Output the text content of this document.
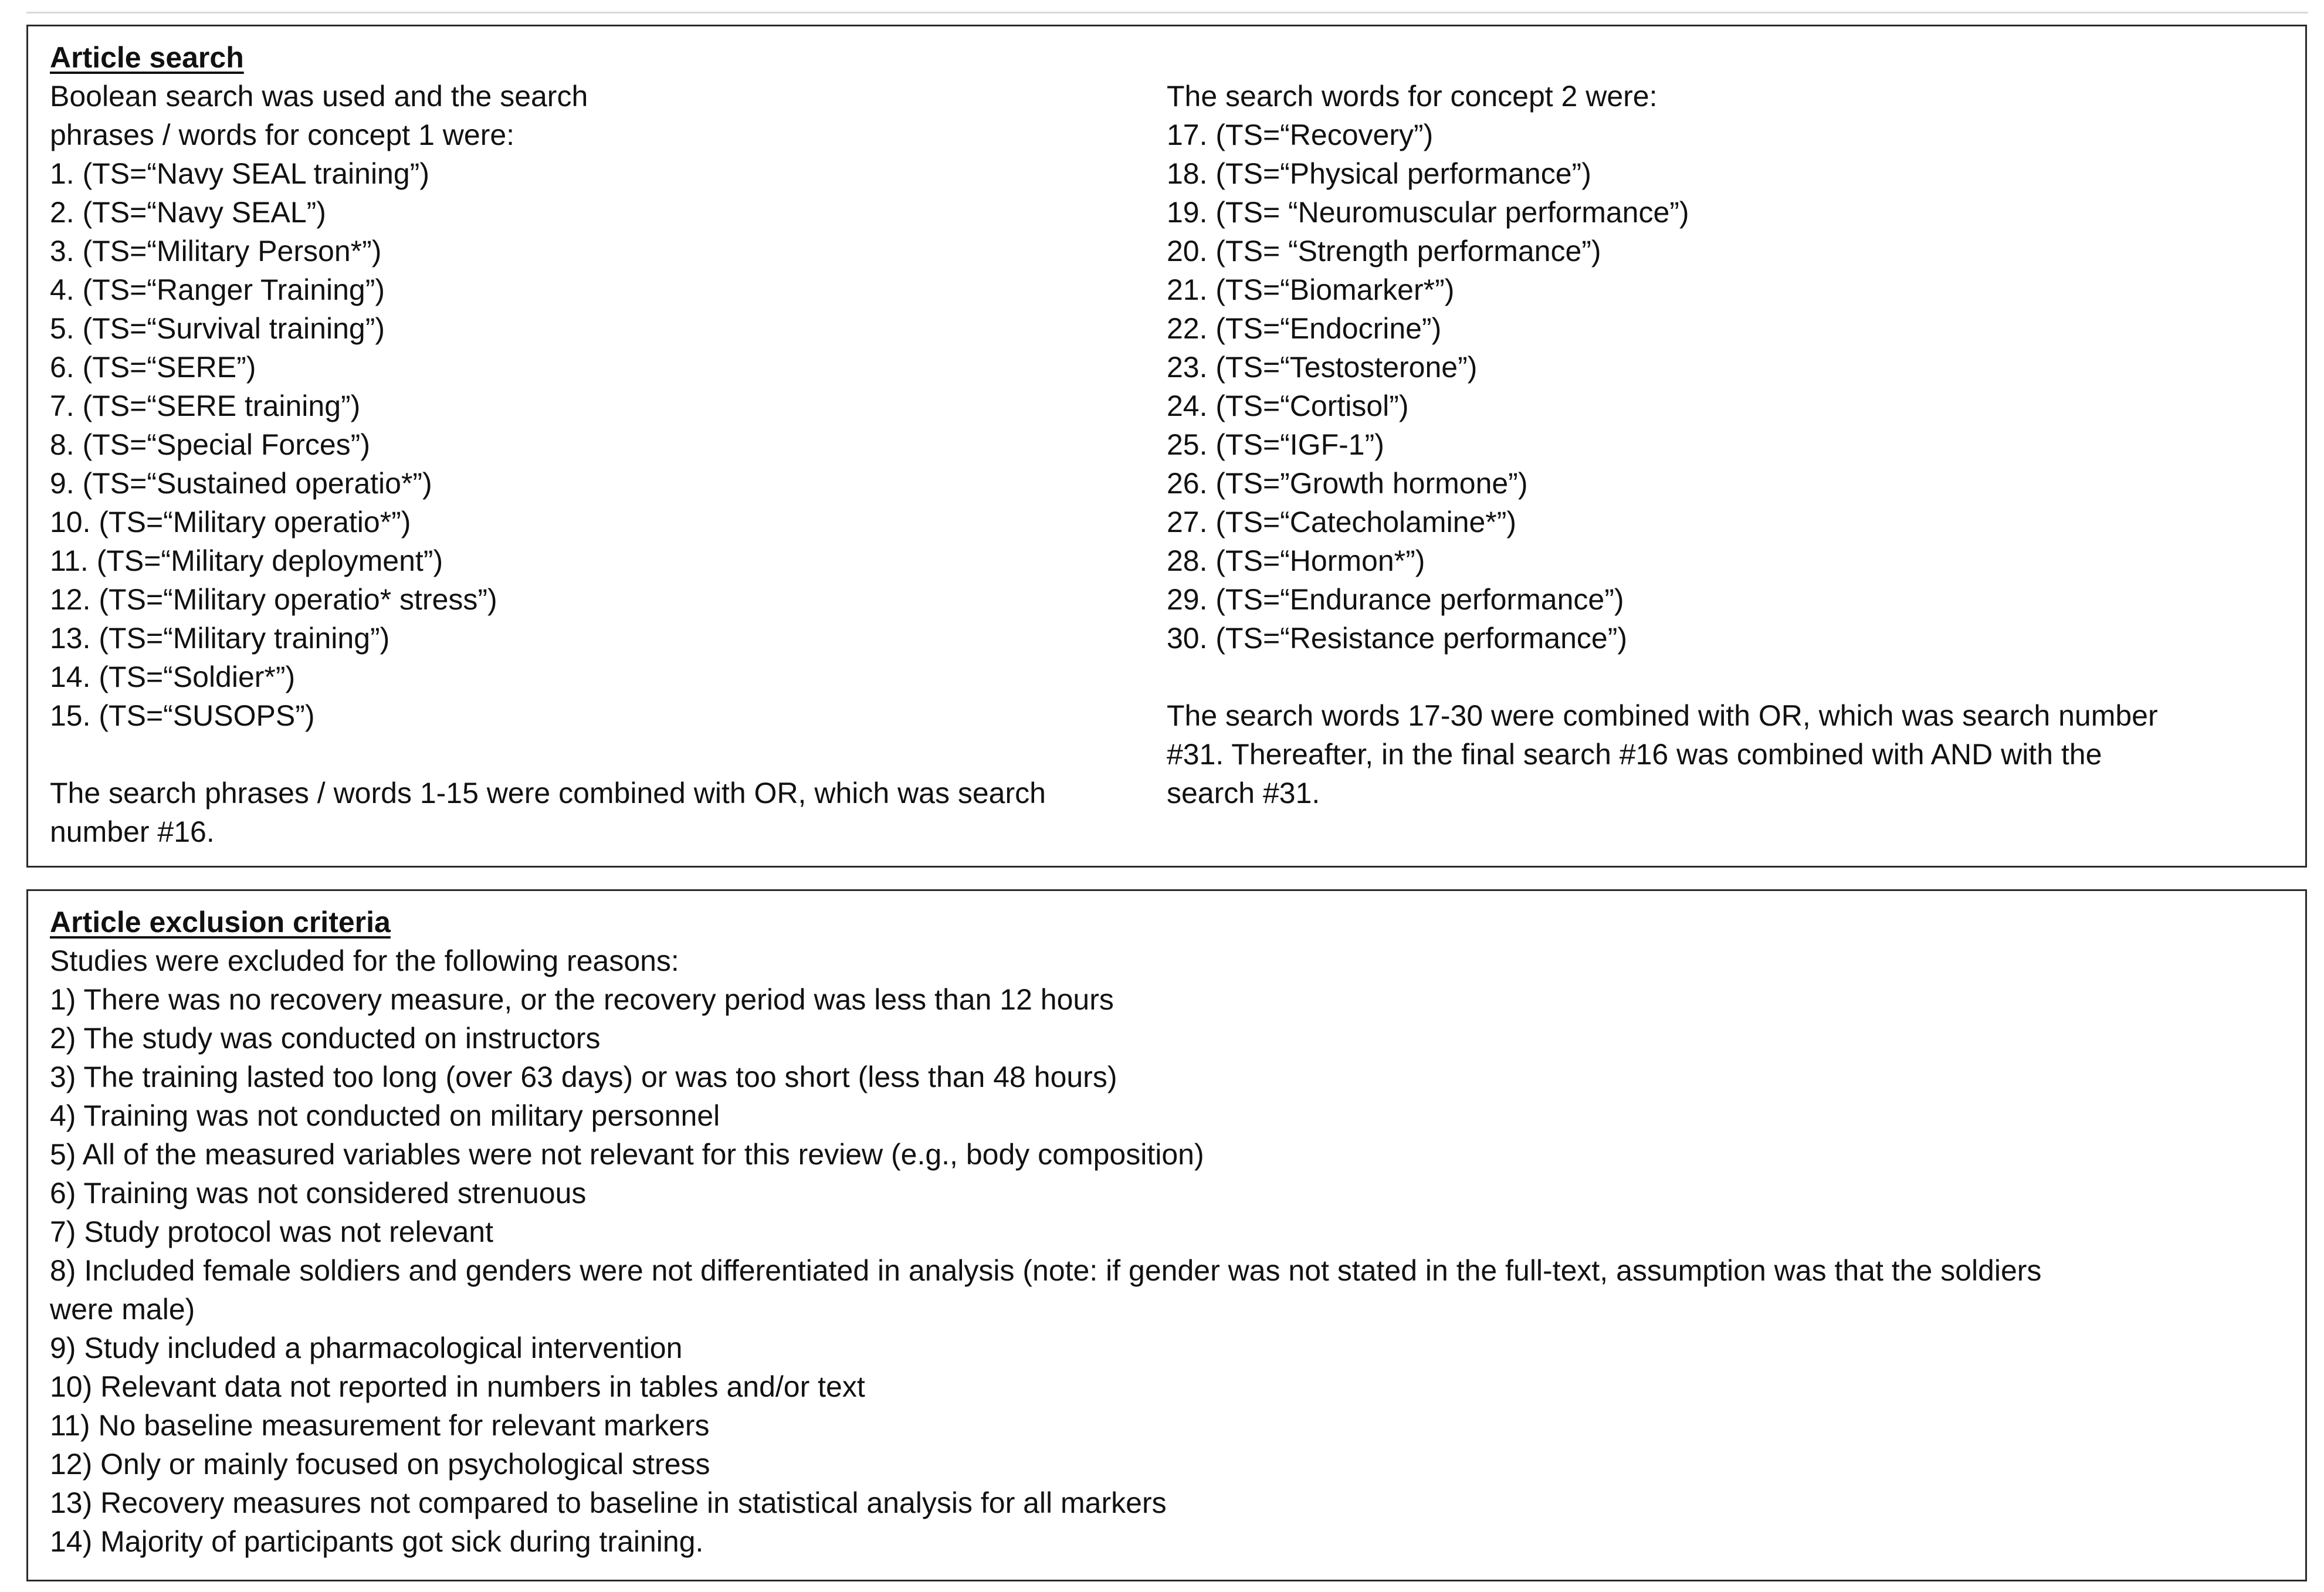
Article search
Boolean search was used and the search
phrases / words for concept 1 were:
1. (TS=“Navy SEAL training”)
2. (TS=“Navy SEAL”)
3. (TS=“Military Person*”)
4. (TS=“Ranger Training”)
5. (TS=“Survival training”)
6. (TS=“SERE”)
7. (TS=“SERE training”)
8. (TS=“Special Forces”)
9. (TS=“Sustained operatio*”)
10. (TS=“Military operatio*”)
11. (TS=“Military deployment”)
12. (TS=“Military operatio* stress”)
13. (TS=“Military training”)
14. (TS=“Soldier*”)
15. (TS=“SUSOPS”)
The search phrases / words 1-15 were combined with OR, which was search
number #16.
The search words for concept 2 were:
17. (TS=“Recovery”)
18. (TS=“Physical performance”)
19. (TS= “Neuromuscular performance”)
20. (TS= “Strength performance”)
21. (TS=“Biomarker*”)
22. (TS=“Endocrine”)
23. (TS=“Testosterone”)
24. (TS=“Cortisol”)
25. (TS=“IGF-1”)
26. (TS=”Growth hormone”)
27. (TS=“Catecholamine*”)
28. (TS=“Hormon*”)
29. (TS=“Endurance performance”)
30. (TS=“Resistance performance”)
The search words 17-30 were combined with OR, which was search number
#31. Thereafter, in the final search #16 was combined with AND with the
search #31.
Article exclusion criteria
Studies were excluded for the following reasons:
1) There was no recovery measure, or the recovery period was less than 12 hours
2) The study was conducted on instructors
3) The training lasted too long (over 63 days) or was too short (less than 48 hours)
4) Training was not conducted on military personnel
5) All of the measured variables were not relevant for this review (e.g., body composition)
6) Training was not considered strenuous
7) Study protocol was not relevant
8) Included female soldiers and genders were not differentiated in analysis (note: if gender was not stated in the full-text, assumption was that the soldiers
were male)
9) Study included a pharmacological intervention
10) Relevant data not reported in numbers in tables and/or text
11) No baseline measurement for relevant markers
12) Only or mainly focused on psychological stress
13) Recovery measures not compared to baseline in statistical analysis for all markers
14) Majority of participants got sick during training.
